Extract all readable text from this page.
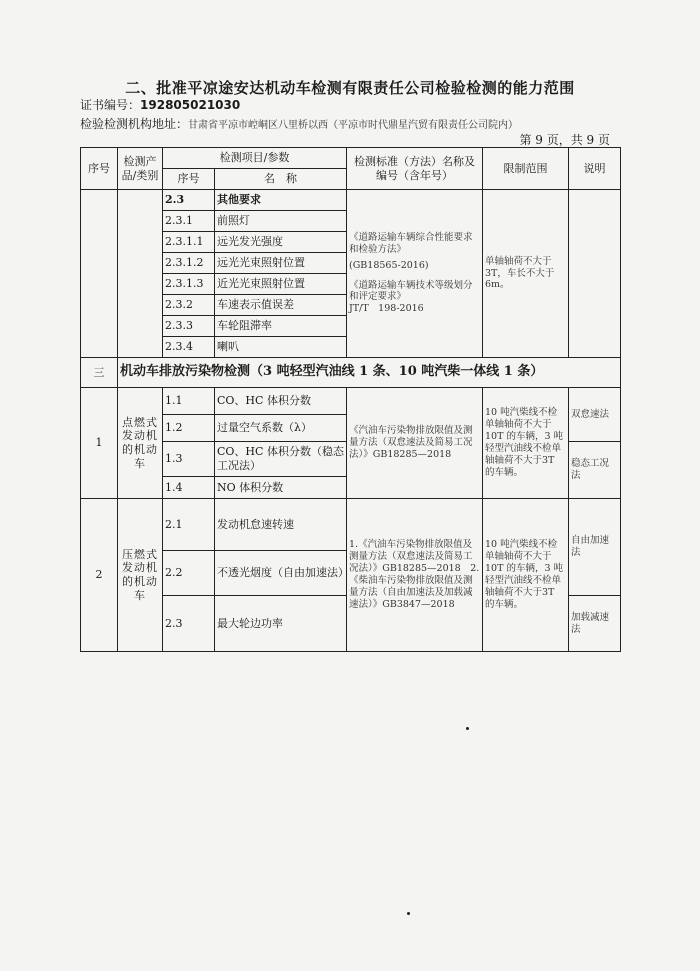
二、批准平凉途安达机动车检测有限责任公司检验检测的能力范围
证书编号：192805021030
检验检测机构地址：甘肃省平凉市崆峒区八里桥以西（平凉市时代鼎星汽贸有限责任公司院内）
第 9 页，共 9 页
序号	检测产品/类别	检测项目/参数		检测标准（方法）名称及编号（含年号）	限制范围	说明
		序号	名　称			
		2.3	其他要求	《道路运输车辆综合性能要求和检验方法》
(GB18565-2016)
《道路运输车辆技术等级划分和评定要求》
JT/T　198-2016	单轴轴荷不大于3T，车长不大于6m。	
		2.3.1	前照灯			
		2.3.1.1	远光发光强度			
		2.3.1.2	远光光束照射位置			
		2.3.1.3	近光光束照射位置			
		2.3.2	车速表示值误差			
		2.3.3	车轮阻滞率			
		2.3.4	喇叭			
三	机动车排放污染物检测（3 吨轻型汽油线 1 条、10 吨汽柴一体线 1 条）					
1	点燃式发动机的机动车	1.1	CO、HC 体积分数	《汽油车污染物排放限值及测量方法（双怠速法及简易工况法）》GB18285—2018	10 吨汽柴线不检单轴轴荷不大于10T 的车辆，3 吨轻型汽油线不检单轴轴荷不大于3T 的车辆。	双怠速法
		1.2	过量空气系数（λ）			
		1.3	CO、HC 体积分数（稳态工况法）			稳态工况法
		1.4	NO 体积分数			
2	压燃式发动机的机动车	2.1	发动机怠速转速	1.《汽油车污染物排放限值及测量方法（双怠速法及简易工况法）》GB18285—2018　2.《柴油车污染物排放限值及测量方法（自由加速法及加载减速法）》GB3847—2018	10 吨汽柴线不检单轴轴荷不大于10T 的车辆，3 吨轻型汽油线不检单轴轴荷不大于3T 的车辆。	自由加速法
		2.2	不透光烟度（自由加速法）			
		2.3	最大轮边功率			加载减速法
